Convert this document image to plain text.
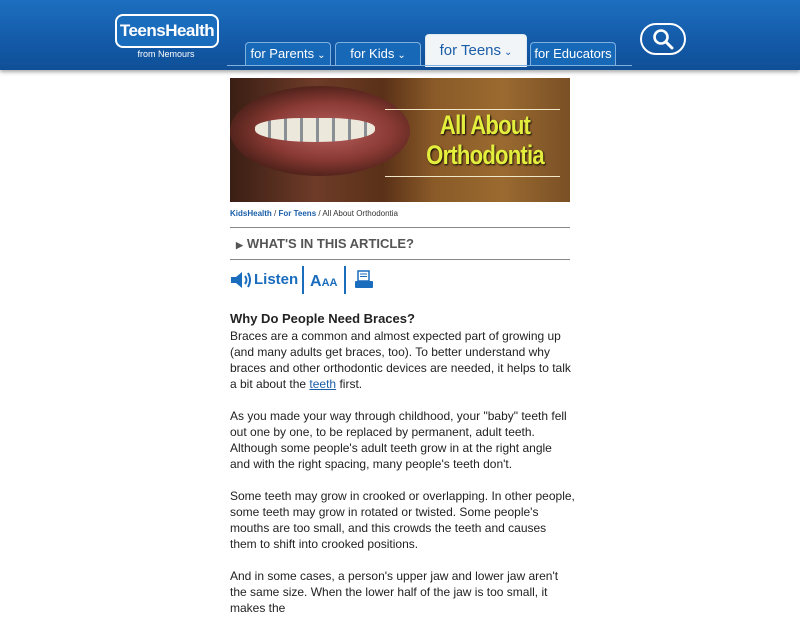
TeensHealth
from Nemours	for Parents ⌄	for Kids ⌄	for Teens ⌄	for Educators
All About
Orthodontia
KidsHealth / For Teens / All About Orthodontia
▶ WHAT'S IN THIS ARTICLE?
Listen AAA
Why Do People Need Braces?

Braces are a common and almost expected part of growing up (and many adults get braces, too). To better understand why braces and other orthodontic devices are needed, it helps to talk a bit about the teeth first.

As you made your way through childhood, your "baby" teeth fell out one by one, to be replaced by permanent, adult teeth. Although some people's adult teeth grow in at the right angle and with the right spacing, many people's teeth don't.

Some teeth may grow in crooked or overlapping. In other people, some teeth may grow in rotated or twisted. Some people's mouths are too small, and this crowds the teeth and causes them to shift into crooked positions.

And in some cases, a person's upper jaw and lower jaw aren't the same size. When the lower half of the jaw is too small, it makes the
